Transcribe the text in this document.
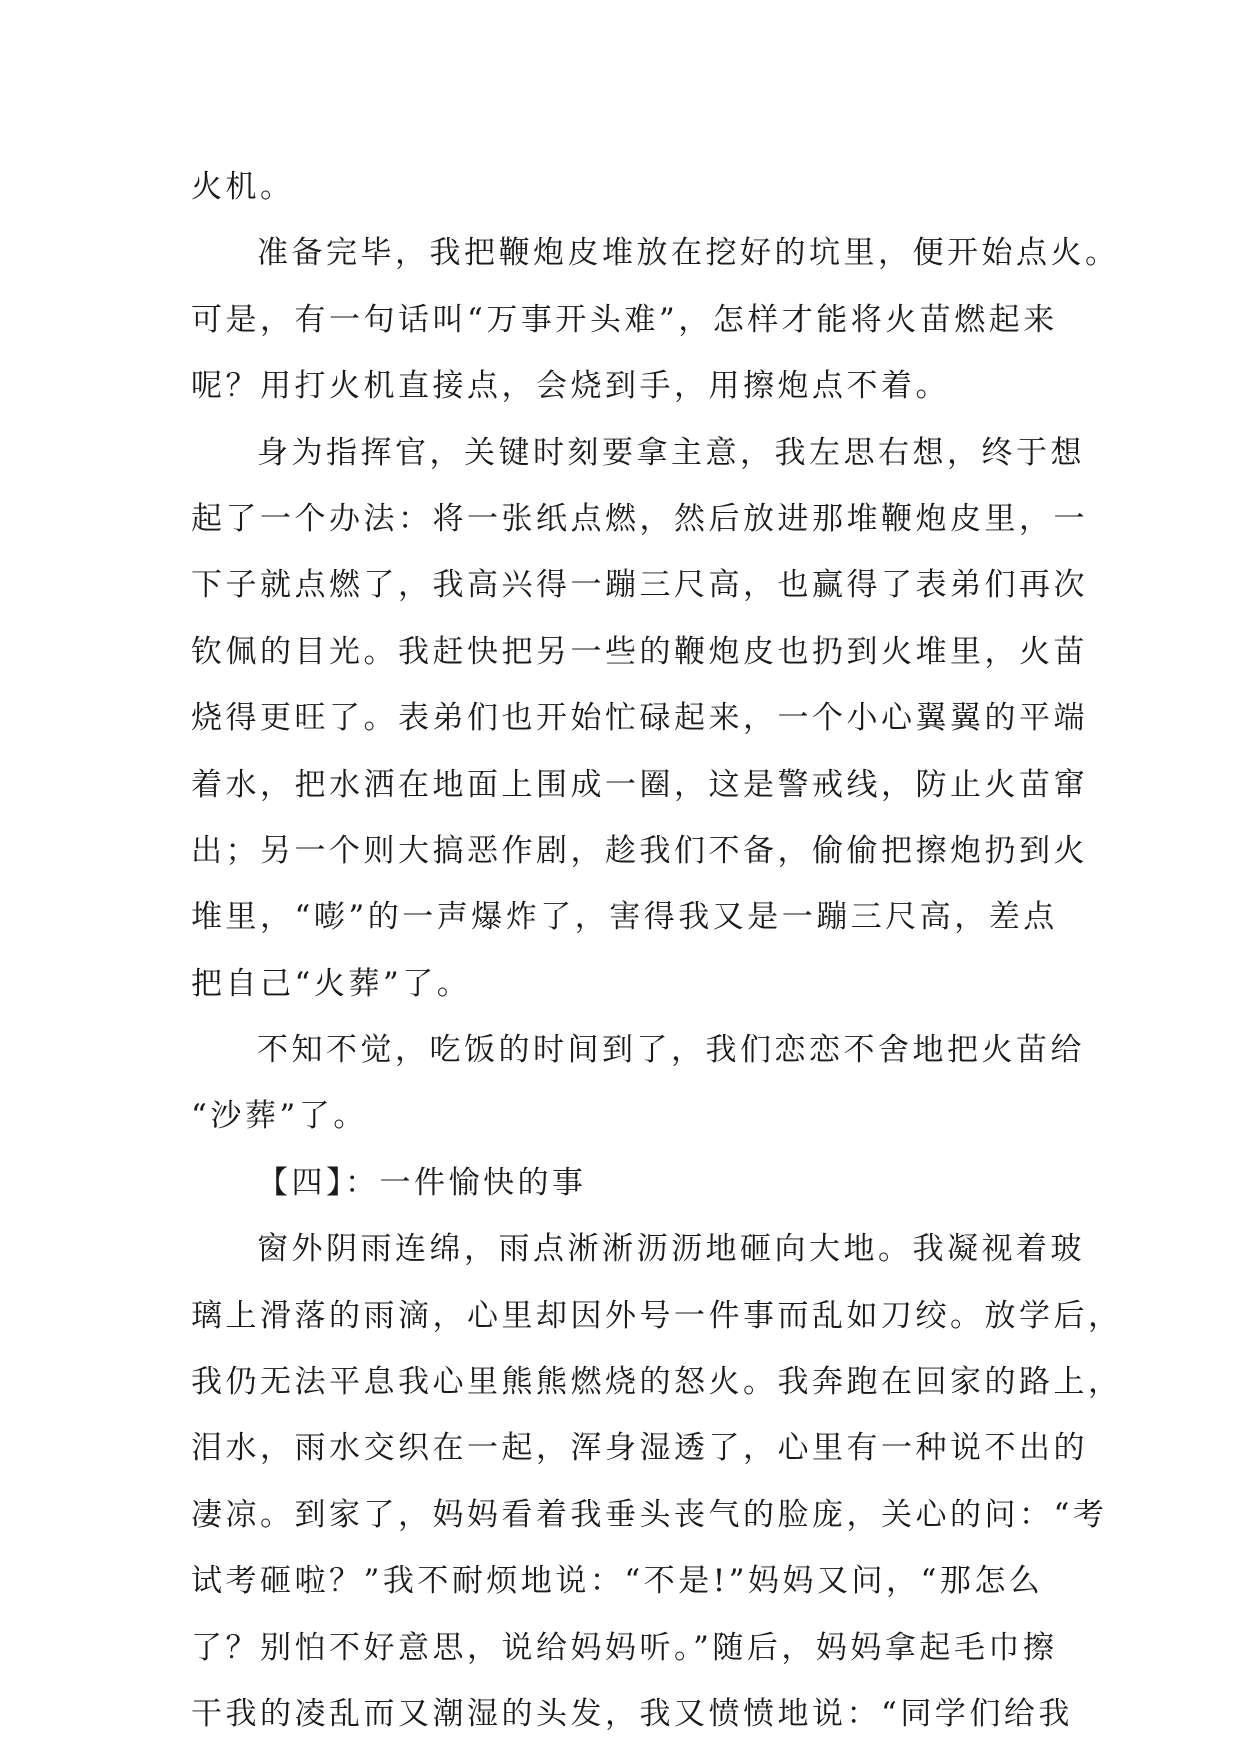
火机。
准备完毕，我把鞭炮皮堆放在挖好的坑里，便开始点火。
可是，有一句话叫“万事开头难”，怎样才能将火苗燃起来
呢？用打火机直接点，会烧到手，用擦炮点不着。
身为指挥官，关键时刻要拿主意，我左思右想，终于想
起了一个办法：将一张纸点燃，然后放进那堆鞭炮皮里，一
下子就点燃了，我高兴得一蹦三尺高，也赢得了表弟们再次
钦佩的目光。我赶快把另一些的鞭炮皮也扔到火堆里，火苗
烧得更旺了。表弟们也开始忙碌起来，一个小心翼翼的平端
着水，把水洒在地面上围成一圈，这是警戒线，防止火苗窜
出；另一个则大搞恶作剧，趁我们不备，偷偷把擦炮扔到火
堆里，“嘭”的一声爆炸了，害得我又是一蹦三尺高，差点
把自己“火葬”了。
不知不觉，吃饭的时间到了，我们恋恋不舍地把火苗给
“沙葬”了。
【四】：一件愉快的事
窗外阴雨连绵，雨点淅淅沥沥地砸向大地。我凝视着玻
璃上滑落的雨滴，心里却因外号一件事而乱如刀绞。放学后，
我仍无法平息我心里熊熊燃烧的怒火。我奔跑在回家的路上，
泪水，雨水交织在一起，浑身湿透了，心里有一种说不出的
凄凉。到家了，妈妈看着我垂头丧气的脸庞，关心的问：“考
试考砸啦？”我不耐烦地说：“不是!”妈妈又问，“那怎么
了？别怕不好意思，说给妈妈听。”随后，妈妈拿起毛巾擦
干我的凌乱而又潮湿的头发，我又愤愤地说：“同学们给我
